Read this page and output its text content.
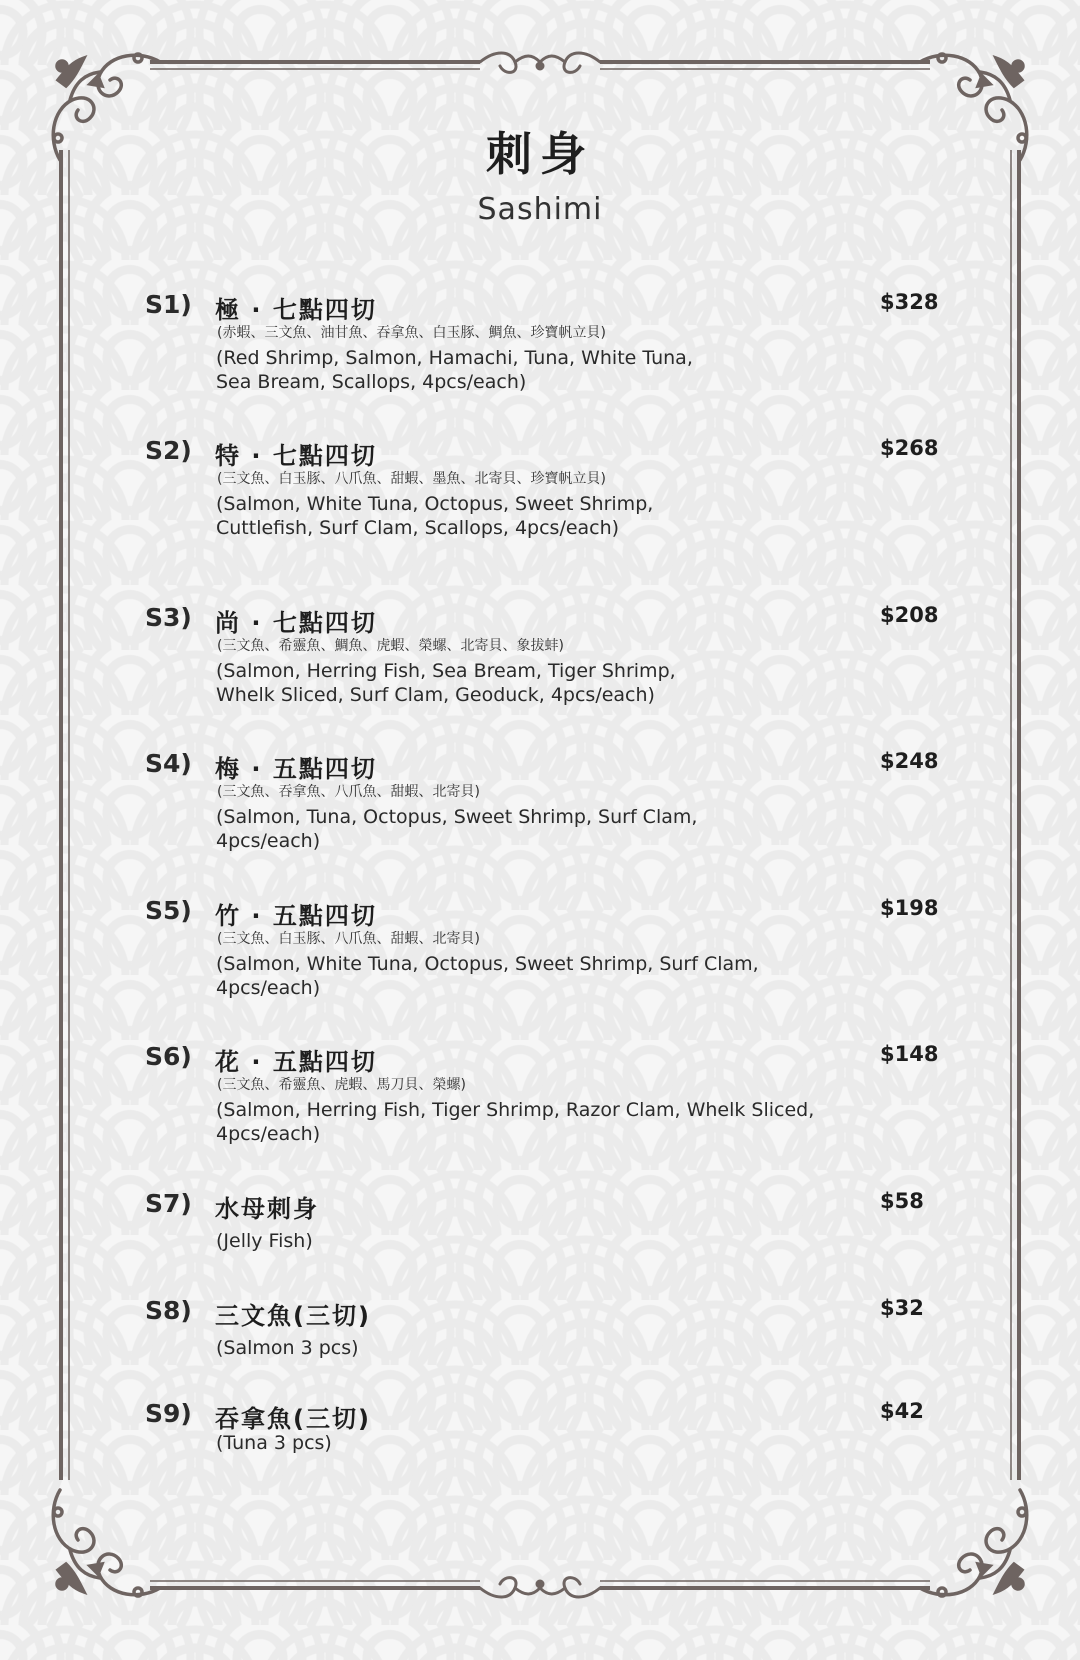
刺身
Sashimi
S1) 極 · 七點四切
(赤蝦、三文魚、油甘魚、吞拿魚、白玉豚、鯛魚、珍寶帆立貝)
(Red Shrimp, Salmon, Hamachi, Tuna, White Tuna,
Sea Bream, Scallops, 4pcs/each)
$328
S2) 特 · 七點四切
(三文魚、白玉豚、八爪魚、甜蝦、墨魚、北寄貝、珍寶帆立貝)
(Salmon, White Tuna, Octopus, Sweet Shrimp,
Cuttlefish, Surf Clam, Scallops, 4pcs/each)
$268
S3) 尚 · 七點四切
(三文魚、希靈魚、鯛魚、虎蝦、榮螺、北寄貝、象拔蚌)
(Salmon, Herring Fish, Sea Bream, Tiger Shrimp,
Whelk Sliced, Surf Clam, Geoduck, 4pcs/each)
$208
S4) 梅 · 五點四切
(三文魚、吞拿魚、八爪魚、甜蝦、北寄貝)
(Salmon, Tuna, Octopus, Sweet Shrimp, Surf Clam,
4pcs/each)
$248
S5) 竹 · 五點四切
(三文魚、白玉豚、八爪魚、甜蝦、北寄貝)
(Salmon, White Tuna, Octopus, Sweet Shrimp, Surf Clam,
4pcs/each)
$198
S6) 花 · 五點四切
(三文魚、希靈魚、虎蝦、馬刀貝、榮螺)
(Salmon, Herring Fish, Tiger Shrimp, Razor Clam, Whelk Sliced,
4pcs/each)
$148
S7) 水母刺身
(Jelly Fish)
$58
S8) 三文魚(三切)
(Salmon 3 pcs)
$32
S9) 吞拿魚(三切)
(Tuna 3 pcs)
$42
